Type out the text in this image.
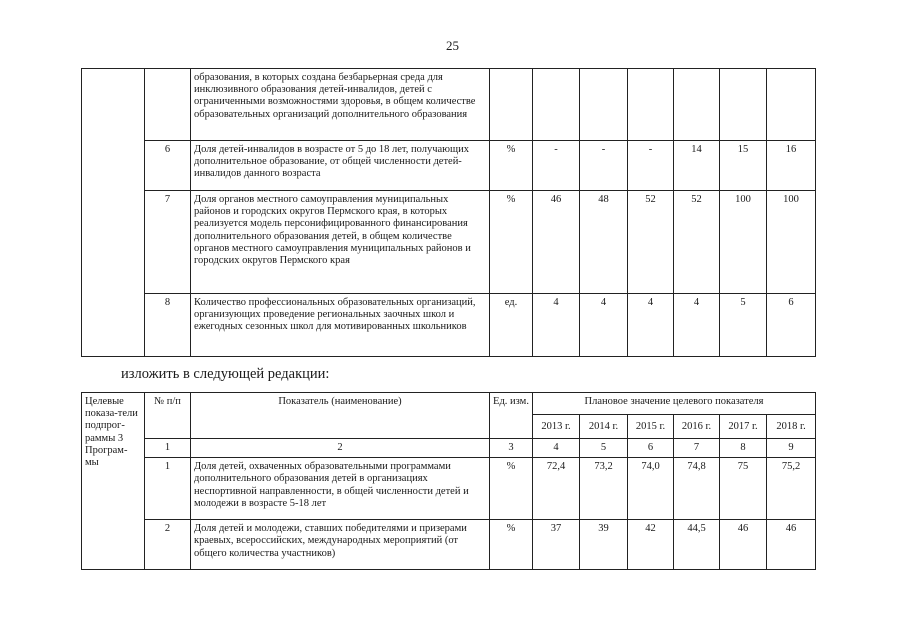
25
		образования, в которых создана безбарьерная среда для инклюзивного образования детей-инвалидов, детей с ограниченными возможностями здоровья, в общем количестве образовательных организаций дополнительного образования							
	6	Доля детей-инвалидов в возрасте от 5 до 18 лет, получающих дополнительное образование, от общей численности детей-инвалидов данного возраста	%	-	-	-	14	15	16
	7	Доля органов местного самоуправления муниципальных районов и городских округов Пермского края, в которых реализуется модель персонифицированного финансирования дополнительного образования детей, в общем количестве органов местного самоуправления муниципальных районов и городских округов Пермского края	%	46	48	52	52	100	100
	8	Количество профессиональных образовательных организаций, организующих проведение региональных заочных школ и ежегодных сезонных школ для мотивированных школьников	ед.	4	4	4	4	5	6
изложить в следующей редакции:
Целевые показа-тели подпрог-раммы 3 Програм-мы	№ п/п	Показатель (наименование)	Ед. изм.	Плановое значение целевого показателя					
				2013 г.	2014 г.	2015 г.	2016 г.	2017 г.	2018 г.
	1	2	3	4	5	6	7	8	9
	1	Доля детей, охваченных образовательными программами дополнительного образования детей в организациях неспортивной направленности, в общей численности детей и молодежи в возрасте 5-18 лет	%	72,4	73,2	74,0	74,8	75	75,2
	2	Доля детей и молодежи, ставших победителями и призерами краевых, всероссийских, международных мероприятий (от общего количества участников)	%	37	39	42	44,5	46	46
